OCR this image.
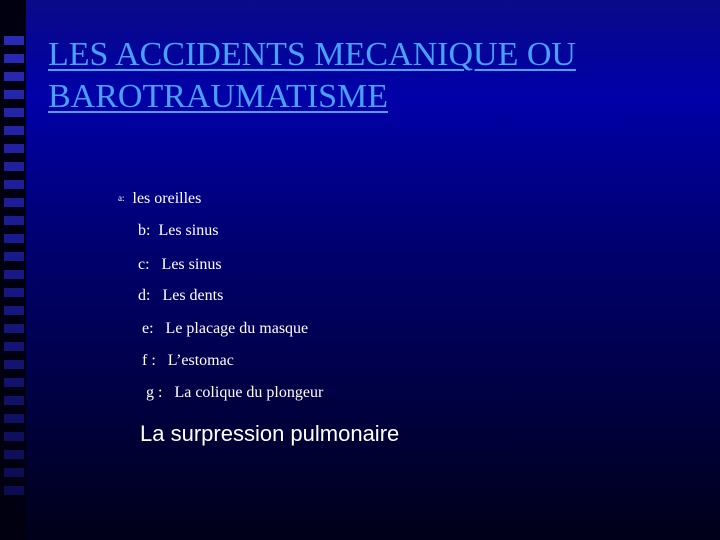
LES ACCIDENTS MECANIQUE OU BAROTRAUMATISME
a:  les oreilles
b:  Les sinus
c:   Les sinus
d:   Les dents
e:   Le placage du masque
f :   L’estomac
g :   La colique du plongeur
La surpression pulmonaire
